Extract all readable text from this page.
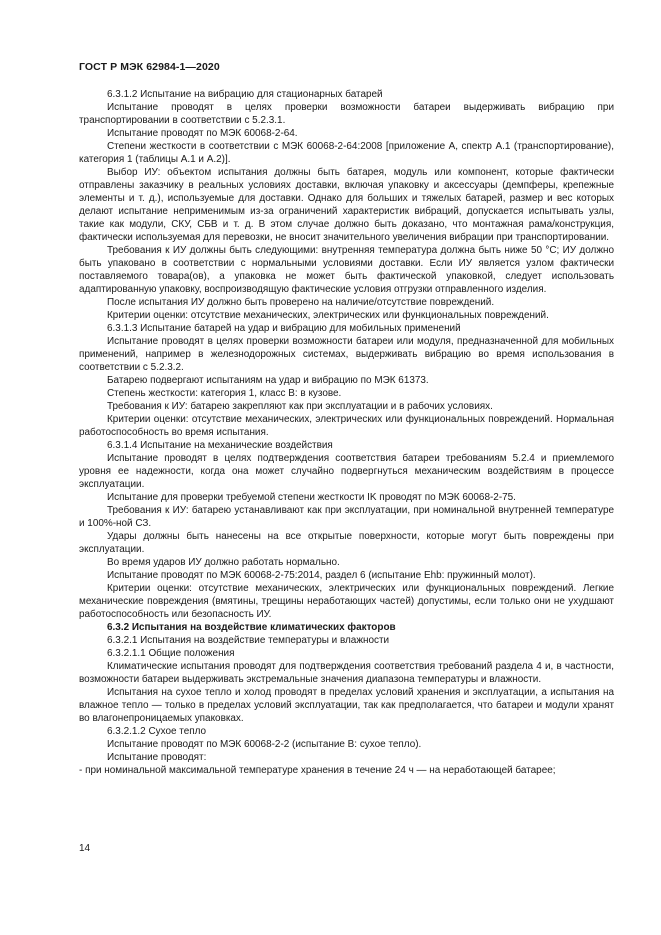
ГОСТ Р МЭК 62984-1—2020

6.3.1.2 Испытание на вибрацию для стационарных батарей

Испытание проводят в целях проверки возможности батареи выдерживать вибрацию при транспортировании в соответствии с 5.2.3.1.

Испытание проводят по МЭК 60068-2-64.

Степени жесткости в соответствии с МЭК 60068-2-64:2008 [приложение А, спектр А.1 (транспортирование), категория 1 (таблицы А.1 и А.2)].

Выбор ИУ: объектом испытания должны быть батарея, модуль или компонент, которые фактически отправлены заказчику в реальных условиях доставки, включая упаковку и аксессуары (демпферы, крепежные элементы и т. д.), используемые для доставки. Однако для больших и тяжелых батарей, размер и вес которых делают испытание неприменимым из-за ограничений характеристик вибраций, допускается испытывать узлы, такие как модули, СКУ, СБВ и т. д. В этом случае должно быть доказано, что монтажная рама/конструкция, фактически используемая для перевозки, не вносит значительного увеличения вибрации при транспортировании.

Требования к ИУ должны быть следующими: внутренняя температура должна быть ниже 50 °С; ИУ должно быть упаковано в соответствии с нормальными условиями доставки. Если ИУ является узлом фактически поставляемого товара(ов), а упаковка не может быть фактической упаковкой, следует использовать адаптированную упаковку, воспроизводящую фактические условия отгрузки отправленного изделия.

После испытания ИУ должно быть проверено на наличие/отсутствие повреждений.

Критерии оценки: отсутствие механических, электрических или функциональных повреждений.

6.3.1.3 Испытание батарей на удар и вибрацию для мобильных применений

Испытание проводят в целях проверки возможности батареи или модуля, предназначенной для мобильных применений, например в железнодорожных системах, выдерживать вибрацию во время использования в соответствии с 5.2.3.2.

Батарею подвергают испытаниям на удар и вибрацию по МЭК 61373.

Степень жесткости: категория 1, класс В: в кузове.

Требования к ИУ: батарею закрепляют как при эксплуатации и в рабочих условиях.

Критерии оценки: отсутствие механических, электрических или функциональных повреждений. Нормальная работоспособность во время испытания.

6.3.1.4 Испытание на механические воздействия

Испытание проводят в целях подтверждения соответствия батареи требованиям 5.2.4 и приемлемого уровня ее надежности, когда она может случайно подвергнуться механическим воздействиям в процессе эксплуатации.

Испытание для проверки требуемой степени жесткости IK проводят по МЭК 60068-2-75.

Требования к ИУ: батарею устанавливают как при эксплуатации, при номинальной внутренней температуре и 100%-ной СЗ.

Удары должны быть нанесены на все открытые поверхности, которые могут быть повреждены при эксплуатации.

Во время ударов ИУ должно работать нормально.

Испытание проводят по МЭК 60068-2-75:2014, раздел 6 (испытание Ehb: пружинный молот).

Критерии оценки: отсутствие механических, электрических или функциональных повреждений. Легкие механические повреждения (вмятины, трещины неработающих частей) допустимы, если только они не ухудшают работоспособность или безопасность ИУ.

6.3.2 Испытания на воздействие климатических факторов

6.3.2.1 Испытания на воздействие температуры и влажности

6.3.2.1.1 Общие положения

Климатические испытания проводят для подтверждения соответствия требований раздела 4 и, в частности, возможности батареи выдерживать экстремальные значения диапазона температуры и влажности.

Испытания на сухое тепло и холод проводят в пределах условий хранения и эксплуатации, а испытания на влажное тепло — только в пределах условий эксплуатации, так как предполагается, что батареи и модули хранят во влагонепроницаемых упаковках.

6.3.2.1.2 Сухое тепло

Испытание проводят по МЭК 60068-2-2 (испытание В: сухое тепло).

Испытание проводят:

- при номинальной максимальной температуре хранения в течение 24 ч — на неработающей батарее;

14
